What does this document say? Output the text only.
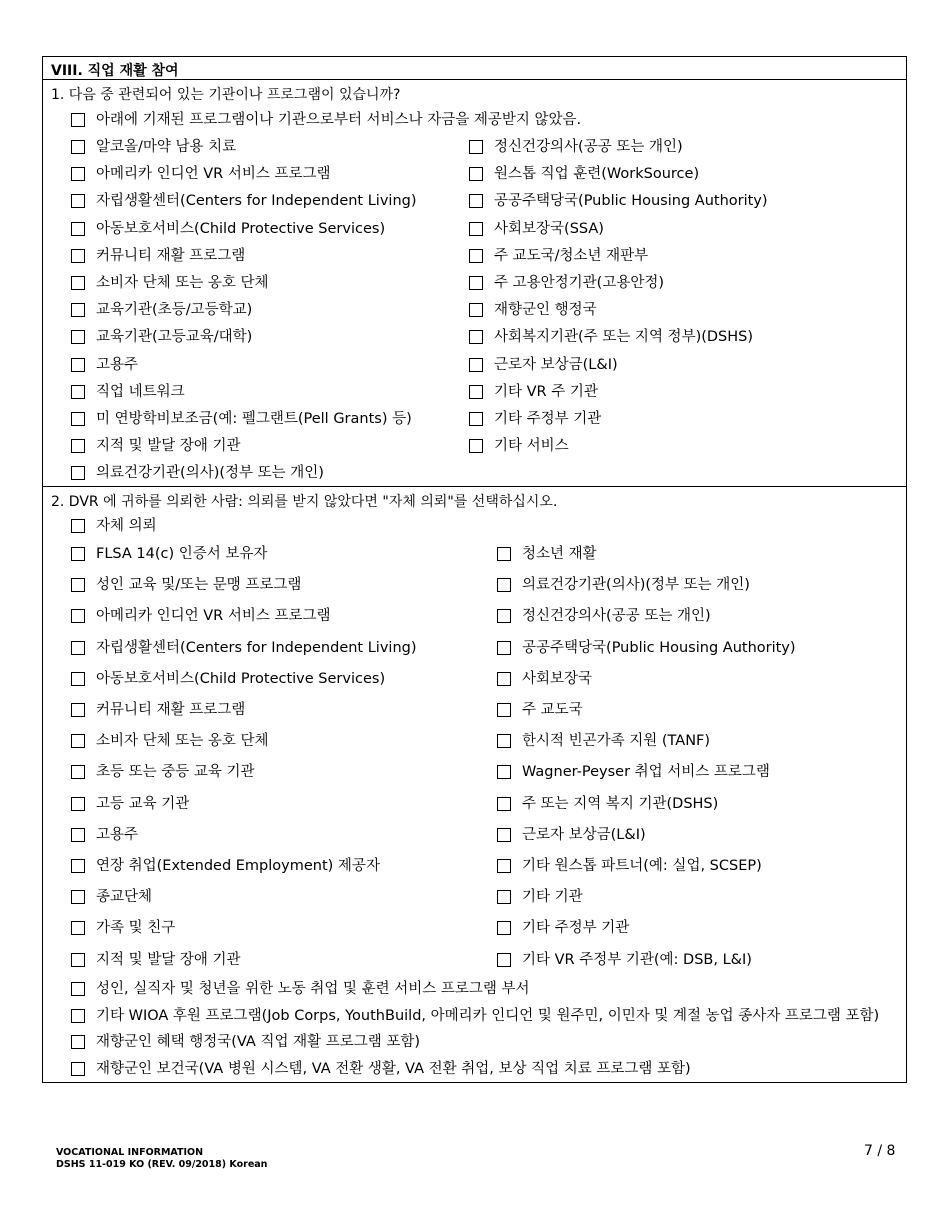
VIII. 직업 재활 참여
1. 다음 중 관련되어 있는 기관이나 프로그램이 있습니까?
아래에 기재된 프로그램이나 기관으로부터 서비스나 자금을 제공받지 않았음.
알코올/마약 남용 치료
아메리카 인디언 VR 서비스 프로그램
자립생활센터(Centers for Independent Living)
아동보호서비스(Child Protective Services)
커뮤니티 재활 프로그램
소비자 단체 또는 옹호 단체
교육기관(초등/고등학교)
교육기관(고등교육/대학)
고용주
직업 네트워크
미 연방학비보조금(예: 펠그랜트(Pell Grants) 등)
지적 및 발달 장애 기관
의료건강기관(의사)(정부 또는 개인)
정신건강의사(공공 또는 개인)
원스톱 직업 훈련(WorkSource)
공공주택당국(Public Housing Authority)
사회보장국(SSA)
주 교도국/청소년 재판부
주 고용안정기관(고용안정)
재향군인 행정국
사회복지기관(주 또는 지역 정부)(DSHS)
근로자 보상금(L&I)
기타 VR 주 기관
기타 주정부 기관
기타 서비스
2. DVR 에 귀하를 의뢰한 사람: 의뢰를 받지 않았다면 "자체 의뢰"를 선택하십시오.
자체 의뢰
FLSA 14(c) 인증서 보유자
성인 교육 및/또는 문맹 프로그램
아메리카 인디언 VR 서비스 프로그램
자립생활센터(Centers for Independent Living)
아동보호서비스(Child Protective Services)
커뮤니티 재활 프로그램
소비자 단체 또는 옹호 단체
초등 또는 중등 교육 기관
고등 교육 기관
고용주
연장 취업(Extended Employment) 제공자
종교단체
가족 및 친구
지적 및 발달 장애 기관
청소년 재활
의료건강기관(의사)(정부 또는 개인)
정신건강의사(공공 또는 개인)
공공주택당국(Public Housing Authority)
사회보장국
주 교도국
한시적 빈곤가족 지원 (TANF)
Wagner-Peyser 취업 서비스 프로그램
주 또는 지역 복지 기관(DSHS)
근로자 보상금(L&I)
기타 원스톱 파트너(예: 실업, SCSEP)
기타 기관
기타 주정부 기관
기타 VR 주정부 기관(예: DSB, L&I)
성인, 실직자 및 청년을 위한 노동 취업 및 훈련 서비스 프로그램 부서
기타 WIOA 후원 프로그램(Job Corps, YouthBuild, 아메리카 인디언 및 원주민, 이민자 및 계절 농업 종사자 프로그램 포함)
재향군인 혜택 행정국(VA 직업 재활 프로그램 포함)
재향군인 보건국(VA 병원 시스템, VA 전환 생활, VA 전환 취업, 보상 직업 치료 프로그램 포함)
VOCATIONAL INFORMATION
DSHS 11-019 KO (REV. 09/2018) Korean
7 / 8
